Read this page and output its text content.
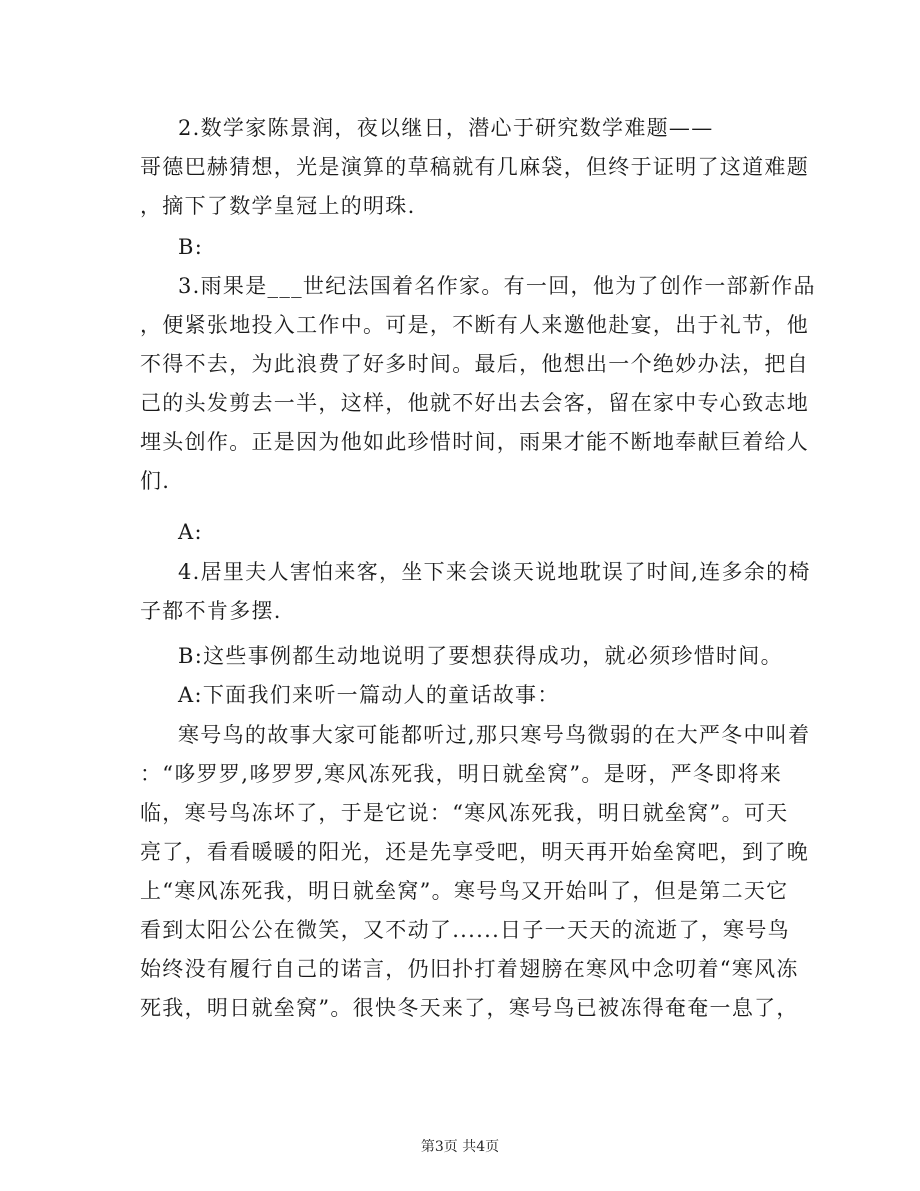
2.数学家陈景润，夜以继日，潜心于研究数学难题——
哥德巴赫猜想，光是演算的草稿就有几麻袋，但终于证明了这道难题
，摘下了数学皇冠上的明珠.
B:
3.雨果是___世纪法国着名作家。有一回，他为了创作一部新作品
，便紧张地投入工作中。可是，不断有人来邀他赴宴，出于礼节，他
不得不去，为此浪费了好多时间。最后，他想出一个绝妙办法，把自
己的头发剪去一半，这样，他就不好出去会客，留在家中专心致志地
埋头创作。正是因为他如此珍惜时间，雨果才能不断地奉献巨着给人
们.
A:
4.居里夫人害怕来客，坐下来会谈天说地耽误了时间,连多余的椅
子都不肯多摆.
B:这些事例都生动地说明了要想获得成功，就必须珍惜时间。
A:下面我们来听一篇动人的童话故事：
寒号鸟的故事大家可能都听过,那只寒号鸟微弱的在大严冬中叫着
：“哆罗罗,哆罗罗,寒风冻死我，明日就垒窝”。是呀，严冬即将来
临，寒号鸟冻坏了，于是它说：“寒风冻死我，明日就垒窝”。可天
亮了，看看暖暖的阳光，还是先享受吧，明天再开始垒窝吧，到了晚
上“寒风冻死我，明日就垒窝”。寒号鸟又开始叫了，但是第二天它
看到太阳公公在微笑，又不动了......日子一天天的流逝了，寒号鸟
始终没有履行自己的诺言，仍旧扑打着翅膀在寒风中念叨着“寒风冻
死我，明日就垒窝”。很快冬天来了，寒号鸟已被冻得奄奄一息了，
第3页 共4页
